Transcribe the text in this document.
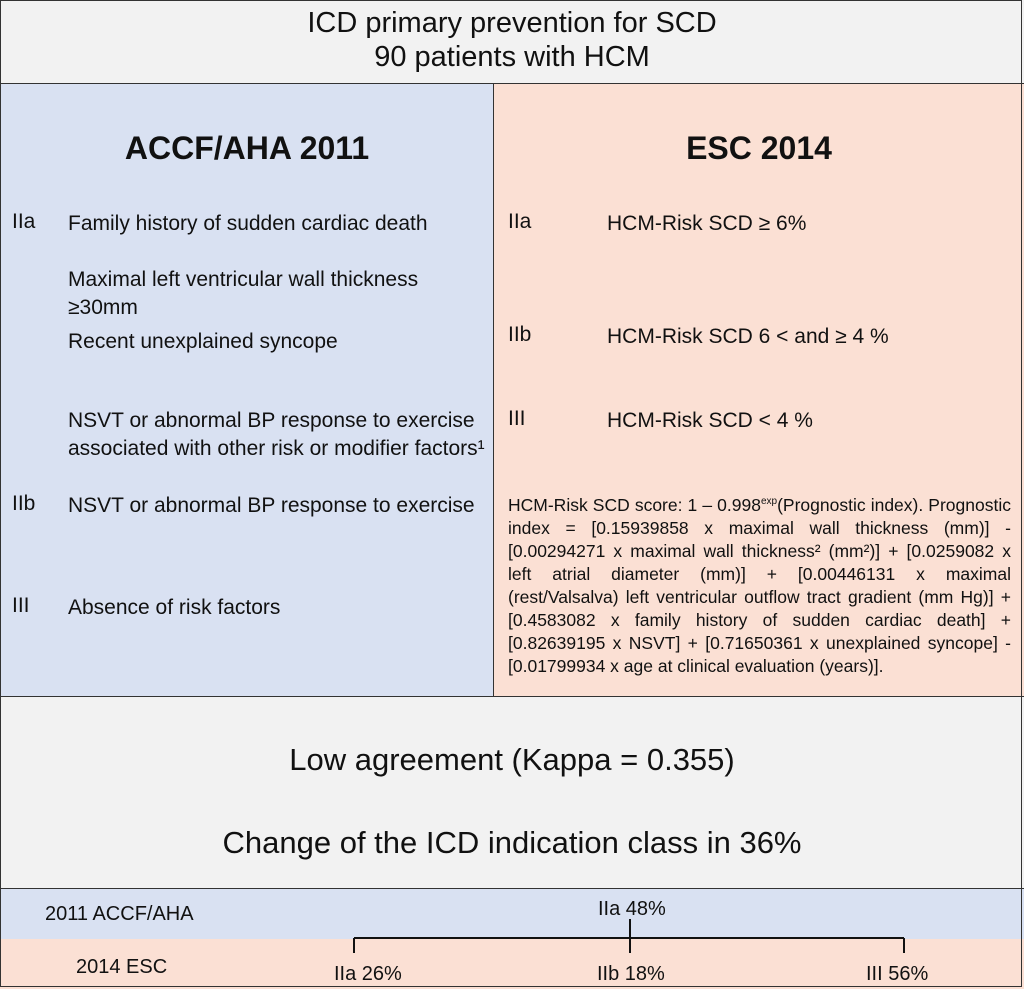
ICD primary prevention for SCD
90 patients with HCM
ACCF/AHA 2011
IIa Family history of sudden cardiac death
Maximal left ventricular wall thickness ≥30mm
Recent unexplained syncope
NSVT or abnormal BP response to exercise associated with other risk or modifier factors¹
IIb NSVT or abnormal BP response to exercise
III Absence of risk factors
ESC 2014
IIa	HCM-Risk SCD ≥ 6%
IIb	HCM-Risk SCD 6 < and ≥ 4 %
III	HCM-Risk SCD < 4 %
HCM-Risk SCD score: $1 - 0.998^{exp}(Prognostic$ index). Prognostic index = [0.15939858 x maximal wall thickness (mm)] - [0.00294271 x maximal wall thickness² (mm²)] + [0.0259082 x left atrial diameter (mm)] + [0.00446131 x maximal (rest/Valsalva) left ventricular outflow tract gradient (mm Hg)] + [0.4583082 x family history of sudden cardiac death] + [0.82639195 x NSVT] + [0.71650361 x unexplained syncope] - [0.01799934 x age at clinical evaluation (years)].
Low agreement (Kappa = 0.355)
Change of the ICD indication class in 36%
2011 ACCF/AHA	IIa 48%
2014 ESC	IIa 26%	IIb 18%	III 56%
